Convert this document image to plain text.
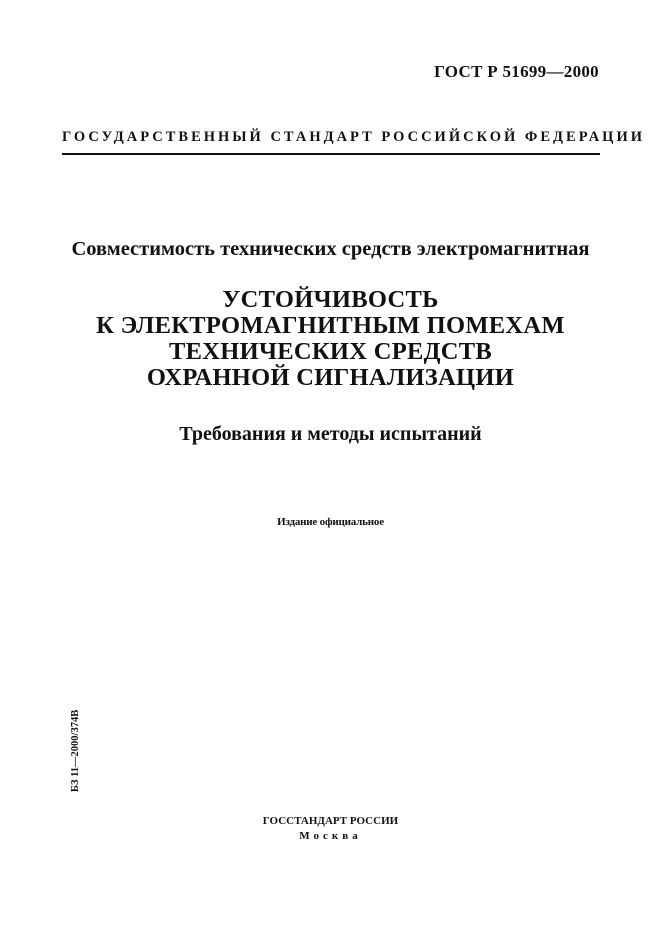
ГОСТ Р 51699—2000
ГОСУДАРСТВЕННЫЙ СТАНДАРТ РОССИЙСКОЙ ФЕДЕРАЦИИ
Совместимость технических средств электромагнитная
УСТОЙЧИВОСТЬ
К ЭЛЕКТРОМАГНИТНЫМ ПОМЕХАМ
ТЕХНИЧЕСКИХ СРЕДСТВ
ОХРАННОЙ СИГНАЛИЗАЦИИ
Требования и методы испытаний
Издание официальное
БЗ 11—2000/374В
ГОССТАНДАРТ РОССИИ
Москва
